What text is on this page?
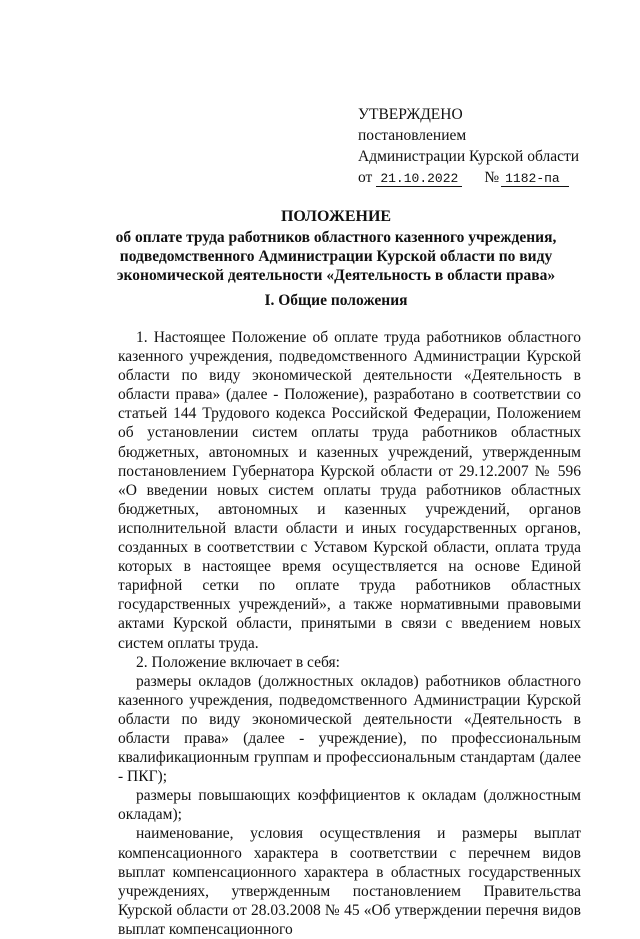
УТВЕРЖДЕНО
постановлением
Администрации Курской области
от 21.10.2022 № 1182-па
ПОЛОЖЕНИЕ
об оплате труда работников областного казенного учреждения,
подведомственного Администрации Курской области по виду
экономической деятельности «Деятельность в области права»
I. Общие положения

1. Настоящее Положение об оплате труда работников областного казенного учреждения, подведомственного Администрации Курской области по виду экономической деятельности «Деятельность в области права» (далее - Положение), разработано в соответствии со статьей 144 Трудового кодекса Российской Федерации, Положением об установлении систем оплаты труда работников областных бюджетных, автономных и казенных учреждений, утвержденным постановлением Губернатора Курской области от 29.12.2007 № 596 «О введении новых систем оплаты труда работников областных бюджетных, автономных и казенных учреждений, органов исполнительной власти области и иных государственных органов, созданных в соответствии с Уставом Курской области, оплата труда которых в настоящее время осуществляется на основе Единой тарифной сетки по оплате труда работников областных государственных учреждений», а также нормативными правовыми актами Курской области, принятыми в связи с введением новых систем оплаты труда.

2. Положение включает в себя:

размеры окладов (должностных окладов) работников областного казенного учреждения, подведомственного Администрации Курской области по виду экономической деятельности «Деятельность в области права» (далее - учреждение), по профессиональным квалификационным группам и профессиональным стандартам (далее - ПКГ);

размеры повышающих коэффициентов к окладам (должностным окладам);

наименование, условия осуществления и размеры выплат компенсационного характера в соответствии с перечнем видов выплат компенсационного характера в областных государственных учреждениях, утвержденным постановлением Правительства Курской области от 28.03.2008 № 45 «Об утверждении перечня видов выплат компенсационного
